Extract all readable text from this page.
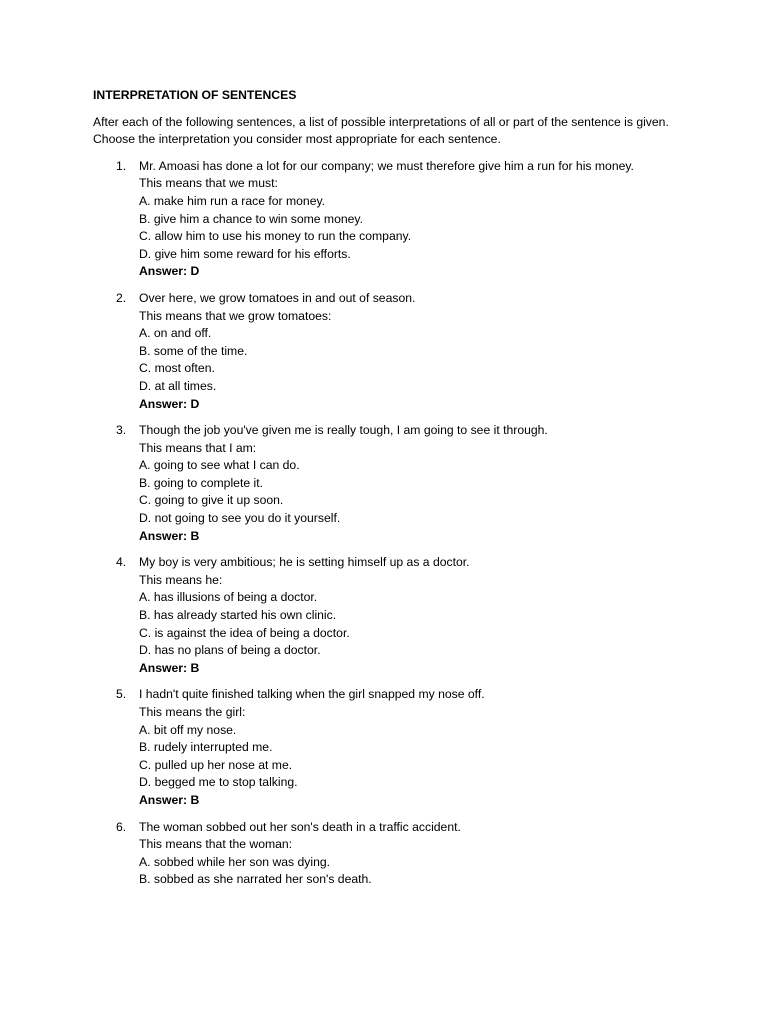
INTERPRETATION OF SENTENCES

After each of the following sentences, a list of possible interpretations of all or part of the sentence is given.

Choose the interpretation you consider most appropriate for each sentence.

1. Mr. Amoasi has done a lot for our company; we must therefore give him a run for his money.
This means that we must:
A. make him run a race for money.
B. give him a chance to win some money.
C. allow him to use his money to run the company.
D. give him some reward for his efforts.
Answer: D
2. Over here, we grow tomatoes in and out of season.
This means that we grow tomatoes:
A. on and off.
B. some of the time.
C. most often.
D. at all times.
Answer: D
3. Though the job you've given me is really tough, I am going to see it through.
This means that I am:
A. going to see what I can do.
B. going to complete it.
C. going to give it up soon.
D. not going to see you do it yourself.
Answer: B
4. My boy is very ambitious; he is setting himself up as a doctor.
This means he:
A. has illusions of being a doctor.
B. has already started his own clinic.
C. is against the idea of being a doctor.
D. has no plans of being a doctor.
Answer: B
5. I hadn't quite finished talking when the girl snapped my nose off.
This means the girl:
A. bit off my nose.
B. rudely interrupted me.
C. pulled up her nose at me.
D. begged me to stop talking.
Answer: B
6. The woman sobbed out her son's death in a traffic accident.
This means that the woman:
A. sobbed while her son was dying.
B. sobbed as she narrated her son's death.
